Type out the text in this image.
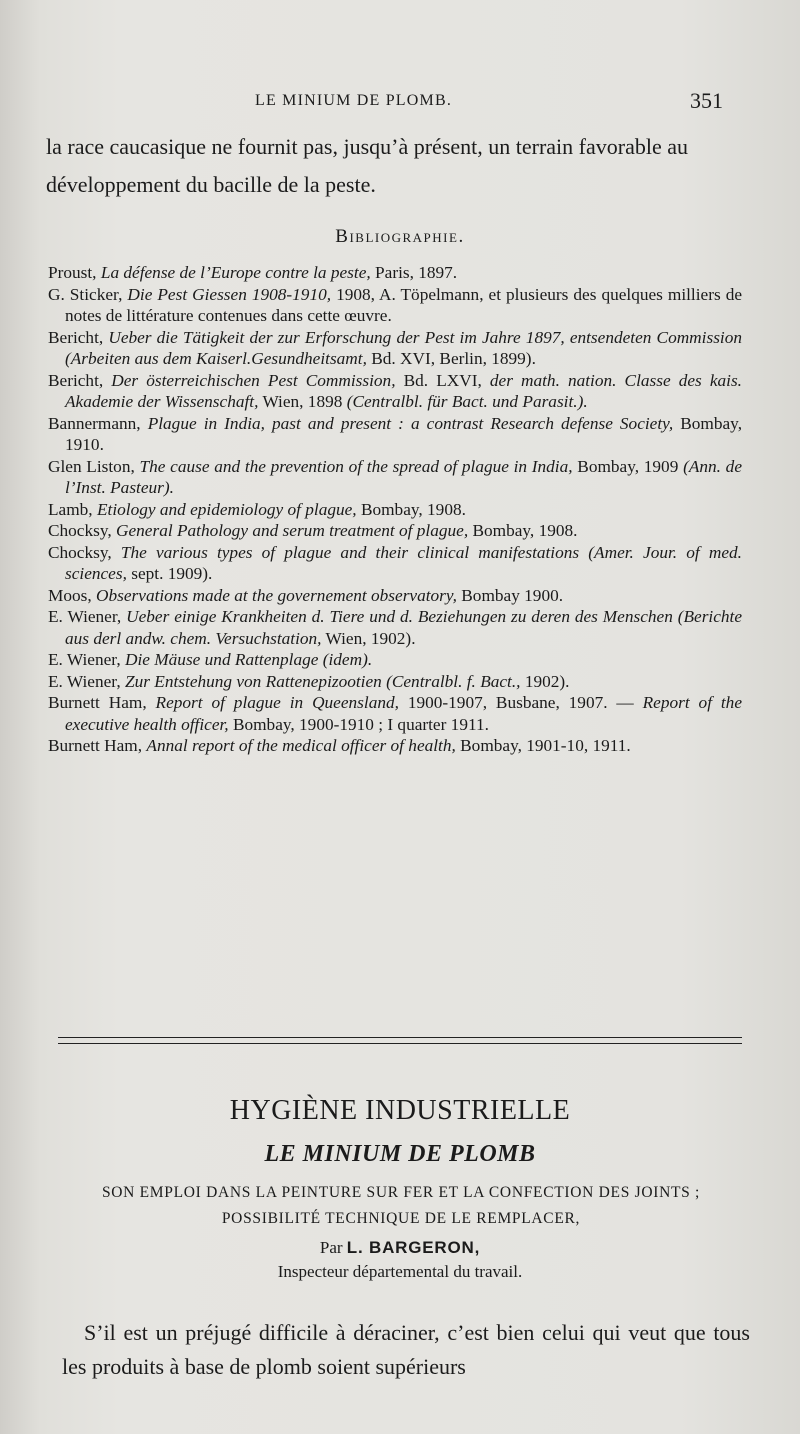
LE MINIUM DE PLOMB.	351
la race caucasique ne fournit pas, jusqu’à présent, un terrain favorable au développement du bacille de la peste.
Bibliographie.
Proust, La défense de l’Europe contre la peste, Paris, 1897.
G. Sticker, Die Pest Giessen 1908-1910, 1908, A. Töpelmann, et plusieurs des quelques milliers de notes de littérature contenues dans cette œuvre.
Bericht, Ueber die Tätigkeit der zur Erforschung der Pest im Jahre 1897, entsendeten Commission (Arbeiten aus dem Kaiserl.Gesundheitsamt, Bd. XVI, Berlin, 1899).
Bericht, Der österreichischen Pest Commission, Bd. LXVI, der math. nation. Classe des kais. Akademie der Wissenschaft, Wien, 1898 (Centralbl. für Bact. und Parasit.).
Bannermann, Plague in India, past and present : a contrast Research defense Society, Bombay, 1910.
Glen Liston, The cause and the prevention of the spread of plague in India, Bombay, 1909 (Ann. de l’Inst. Pasteur).
Lamb, Etiology and epidemiology of plague, Bombay, 1908.
Chocksy, General Pathology and serum treatment of plague, Bombay, 1908.
Chocksy, The various types of plague and their clinical manifestations (Amer. Jour. of med. sciences, sept. 1909).
Moos, Observations made at the governement observatory, Bombay 1900.
E. Wiener, Ueber einige Krankheiten d. Tiere und d. Beziehungen zu deren des Menschen (Berichte aus derl andw. chem. Versuchstation, Wien, 1902).
E. Wiener, Die Mäuse und Rattenplage (idem).
E. Wiener, Zur Entstehung von Rattenepizootien (Centralbl. f. Bact., 1902).
Burnett Ham, Report of plague in Queensland, 1900-1907, Busbane, 1907. — Report of the executive health officer, Bombay, 1900-1910 ; I quarter 1911.
Burnett Ham, Annal report of the medical officer of health, Bombay, 1901-10, 1911.
HYGIÈNE INDUSTRIELLE
LE MINIUM DE PLOMB
SON EMPLOI DANS LA PEINTURE SUR FER ET LA CONFECTION DES JOINTS ; POSSIBILITÉ TECHNIQUE DE LE REMPLACER,
Par L. BARGERON,
Inspecteur départemental du travail.
S’il est un préjugé difficile à déraciner, c’est bien celui qui veut que tous les produits à base de plomb soient supérieurs
